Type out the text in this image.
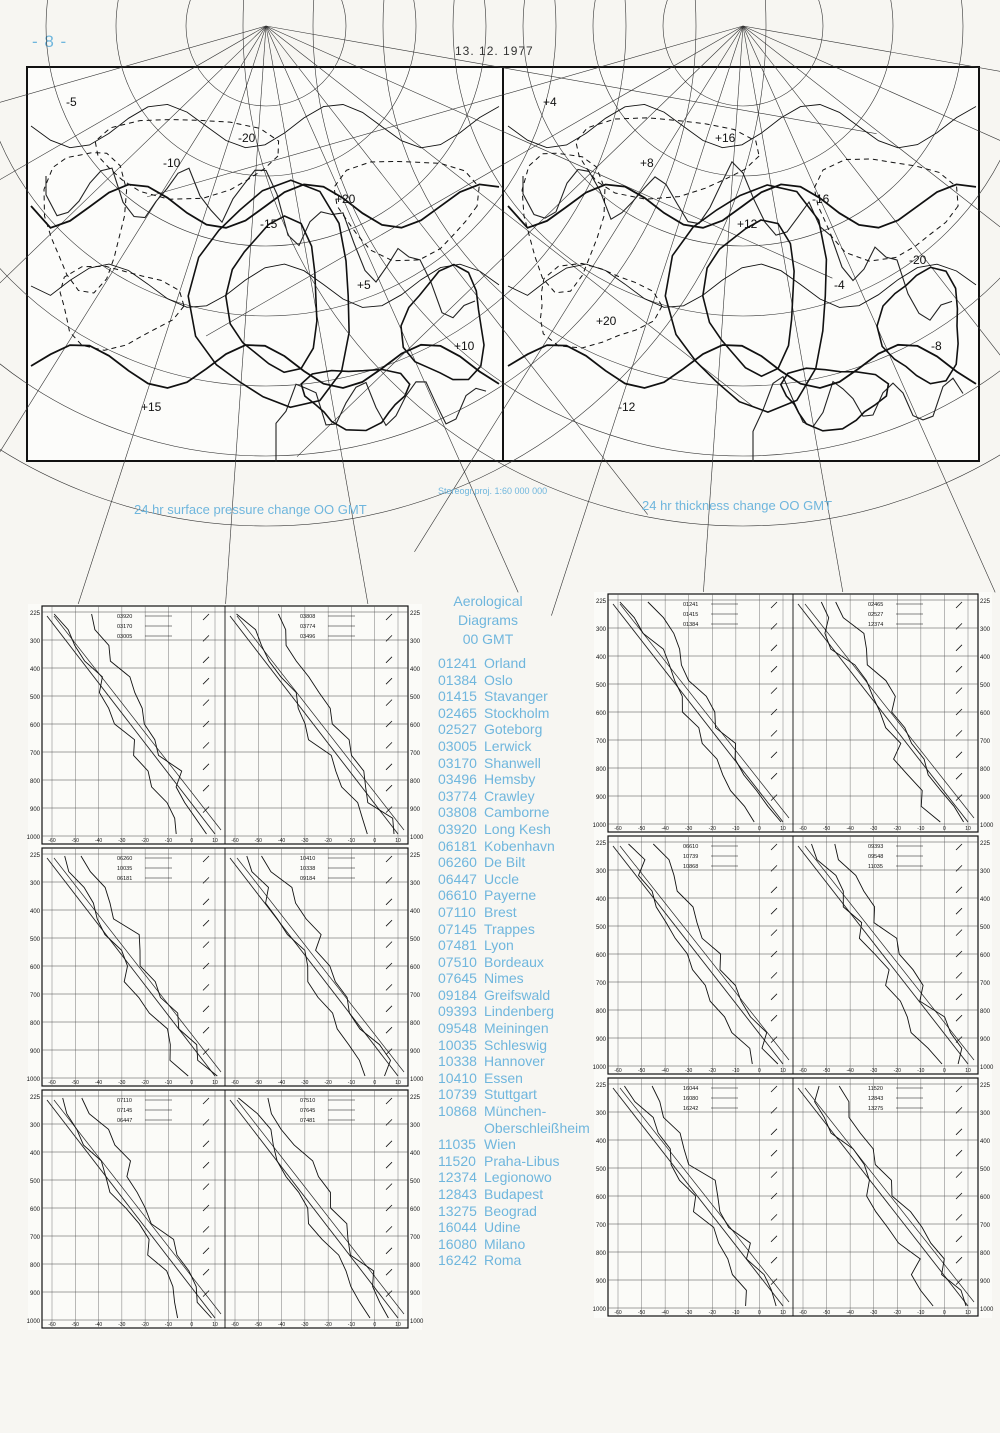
- 8 -	13. 12. 1977
-5
-10
-15
+5
+10
+15
-20
+20
+4
+8
+12
-4
-8
-12
+16
-16
-20
+20
24 hr surface pressure change OO GMT
Stereogr.proj. 1:60 000 000
24 hr thickness change OO GMT
225	225
300	300
400	400
500	500
600	600
700	700
800	800
900	900
1000	1000
-60	-50	-40	-30	-20	-10	0	10
03920
03170
03005
-60	-50	-40	-30	-20	-10	0	10
03808
03774
03496
225	225
300	300
400	400
500	500
600	600
700	700
800	800
900	900
1000	1000
-60	-50	-40	-30	-20	-10	0	10
06260
10035
06181
-60	-50	-40	-30	-20	-10	0	10
10410
10338
09184
225	225
300	300
400	400
500	500
600	600
700	700
800	800
900	900
1000	1000
-60	-50	-40	-30	-20	-10	0	10
07110
07145
06447
-60	-50	-40	-30	-20	-10	0	10
07510
07645
07481
225	225
300	300
400	400
500	500
600	600
700	700
800	800
900	900
1000	1000
-60	-50	-40	-30	-20	-10	0	10
01241
01415
01384
-60	-50	-40	-30	-20	-10	0	10
02465
02527
12374
225	225
300	300
400	400
500	500
600	600
700	700
800	800
900	900
1000	1000
-60	-50	-40	-30	-20	-10	0	10
06610
10739
10868
-60	-50	-40	-30	-20	-10	0	10
09393
09548
11035
225	225
300	300
400	400
500	500
600	600
700	700
800	800
900	900
1000	1000
-60	-50	-40	-30	-20	-10	0	10
16044
16080
16242
-60	-50	-40	-30	-20	-10	0	10
11520
12843
13275
Aerological
Diagrams
00 GMT
01241 Orland
01384 Oslo
01415 Stavanger
02465 Stockholm
02527 Goteborg
03005 Lerwick
03170 Shanwell
03496 Hemsby
03774 Crawley
03808 Camborne
03920 Long Kesh
06181 Kobenhavn
06260 De Bilt
06447 Uccle
06610 Payerne
07110 Brest
07145 Trappes
07481 Lyon
07510 Bordeaux
07645 Nimes
09184 Greifswald
09393 Lindenberg
09548 Meiningen
10035 Schleswig
10338 Hannover
10410 Essen
10739 Stuttgart
10868 München-Oberschleißheim
11035 Wien
11520 Praha-Libus
12374 Legionowo
12843 Budapest
13275 Beograd
16044 Udine
16080 Milano
16242 Roma
